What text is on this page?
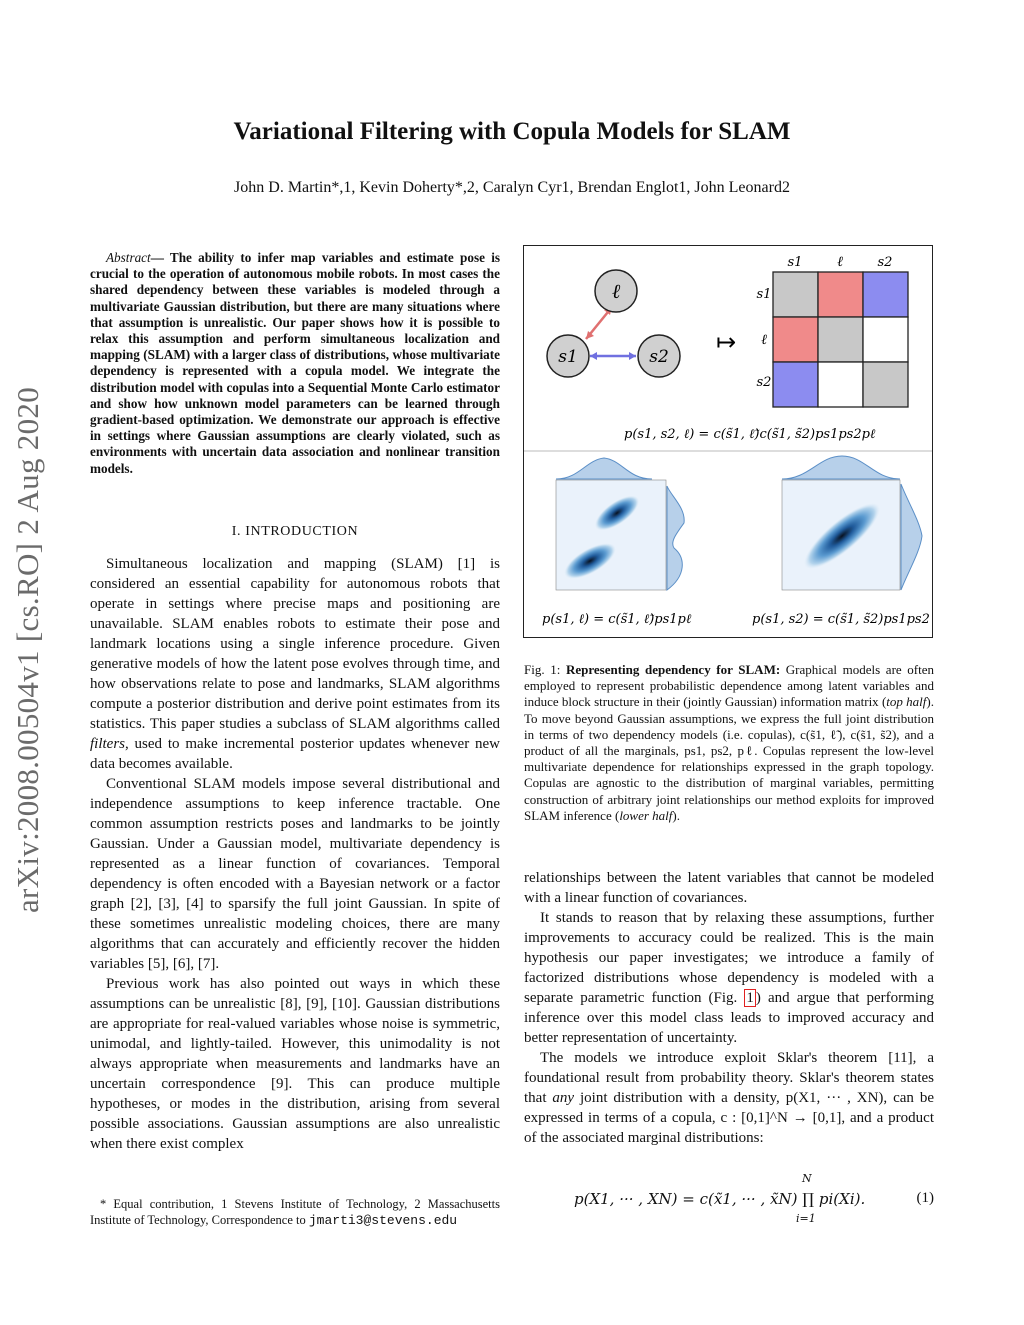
Variational Filtering with Copula Models for SLAM
John D. Martin*,1, Kevin Doherty*,2, Caralyn Cyr1, Brendan Englot1, John Leonard2
arXiv:2008.00504v1 [cs.RO] 2 Aug 2020

Abstract— The ability to infer map variables and estimate pose is crucial to the operation of autonomous mobile robots. In most cases the shared dependency between these variables is modeled through a multivariate Gaussian distribution, but there are many situations where that assumption is unrealistic. Our paper shows how it is possible to relax this assumption and perform simultaneous localization and mapping (SLAM) with a larger class of distributions, whose multivariate dependency is represented with a copula model. We integrate the distribution model with copulas into a Sequential Monte Carlo estimator and show how unknown model parameters can be learned through gradient-based optimization. We demonstrate our approach is effective in settings where Gaussian assumptions are clearly violated, such as environments with uncertain data association and nonlinear transition models.

I. INTRODUCTION

Simultaneous localization and mapping (SLAM) [1] is considered an essential capability for autonomous robots that operate in settings where precise maps and positioning are unavailable. SLAM enables robots to estimate their pose and landmark locations using a single inference procedure. Given generative models of how the latent pose evolves through time, and how observations relate to pose and landmarks, SLAM algorithms compute a posterior distribution and derive point estimates from its statistics. This paper studies a subclass of SLAM algorithms called filters, used to make incremental posterior updates whenever new data becomes available.

Conventional SLAM models impose several distributional and independence assumptions to keep inference tractable. One common assumption restricts poses and landmarks to be jointly Gaussian. Under a Gaussian model, multivariate dependency is represented as a linear function of covariances. Temporal dependency is often encoded with a Bayesian network or a factor graph [2], [3], [4] to sparsify the full joint Gaussian. In spite of these sometimes unrealistic modeling choices, there are many algorithms that can accurately and efficiently recover the hidden variables [5], [6], [7].

Previous work has also pointed out ways in which these assumptions can be unrealistic [8], [9], [10]. Gaussian distributions are appropriate for real-valued variables whose noise is symmetric, unimodal, and lightly-tailed. However, this unimodality is not always appropriate when measurements and landmarks have an uncertain correspondence [9]. This can produce multiple hypotheses, or modes in the distribution, arising from several possible associations. Gaussian assumptions are also unrealistic when there exist complex

* Equal contribution, 1 Stevens Institute of Technology, 2 Massachusetts Institute of Technology, Correspondence to jmarti3@stevens.edu

ℓ
s1	s2
↦
s1 ℓ	s2
s1
ℓ
s2
p(s1, s2, ℓ) = c(s̃1, ℓ̃)c(s̃1, s̃2)ps1ps2pℓ
p(s1, ℓ) = c(s̃1, ℓ̃)ps1pℓ	p(s1, s2) = c(s̃1, s̃2)ps1ps2

Fig. 1: Representing dependency for SLAM: Graphical models are often employed to represent probabilistic dependence among latent variables and induce block structure in their (jointly Gaussian) information matrix (top half). To move beyond Gaussian assumptions, we express the full joint distribution in terms of two dependency models (i.e. copulas), c(s̃1, ℓ̃), c(s̃1, s̃2), and a product of all the marginals, ps1, ps2, pℓ. Copulas represent the low-level multivariate dependence for relationships expressed in the graph topology. Copulas are agnostic to the distribution of marginal variables, permitting construction of arbitrary joint relationships our method exploits for improved SLAM inference (lower half).

relationships between the latent variables that cannot be modeled with a linear function of covariances.

It stands to reason that by relaxing these assumptions, further improvements to accuracy could be realized. This is the main hypothesis our paper investigates; we introduce a family of factorized distributions whose dependency is modeled with a separate parametric function (Fig. 1 ) and argue that performing inference over this model class leads to improved accuracy and better representation of uncertainty.

The models we introduce exploit Sklar's theorem [11], a foundational result from probability theory. Sklar's theorem states that any joint distribution with a density, p(X1, ··· , XN), can be expressed in terms of a copula, c : [0,1]^N → [0,1], and a product of the associated marginal distributions:

p(X1, ··· , XN) = c(x̃1, ··· , x̃N) ∏ pi(Xi).
N
i=1
(1)
